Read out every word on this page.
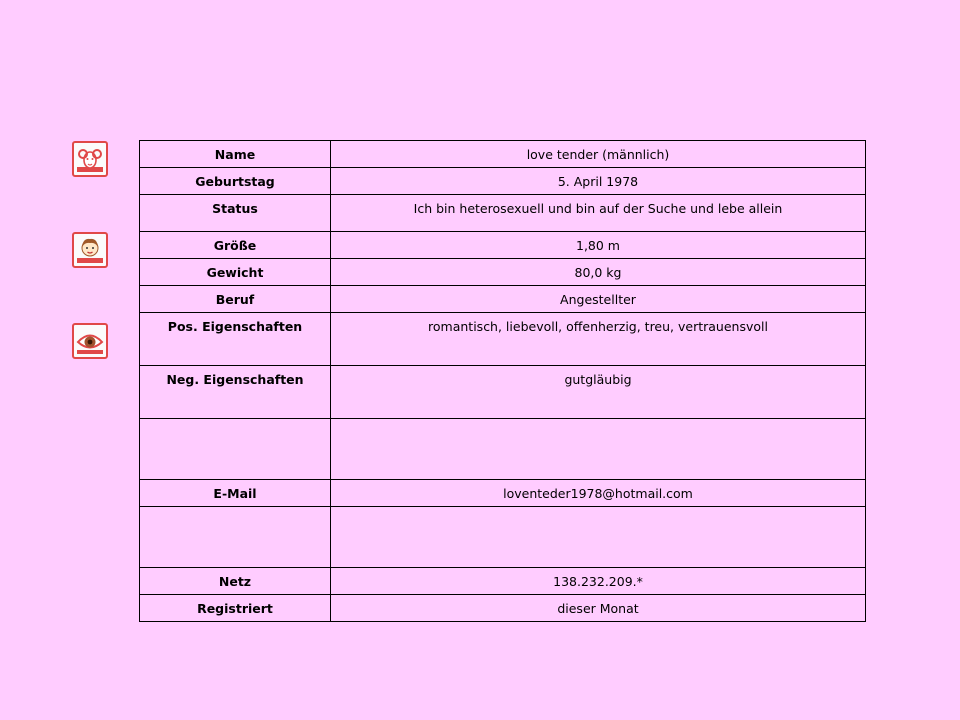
Name	love tender (männlich)
Geburtstag	5. April 1978
Status	Ich bin heterosexuell und bin auf der Suche und lebe allein
Größe	1,80 m
Gewicht	80,0 kg
Beruf	Angestellter
Pos. Eigenschaften	romantisch, liebevoll, offenherzig, treu, vertrauensvoll
Neg. Eigenschaften	gutgläubig

E-Mail	loventeder1978@hotmail.com

Netz	138.232.209.*
Registriert	dieser Monat
